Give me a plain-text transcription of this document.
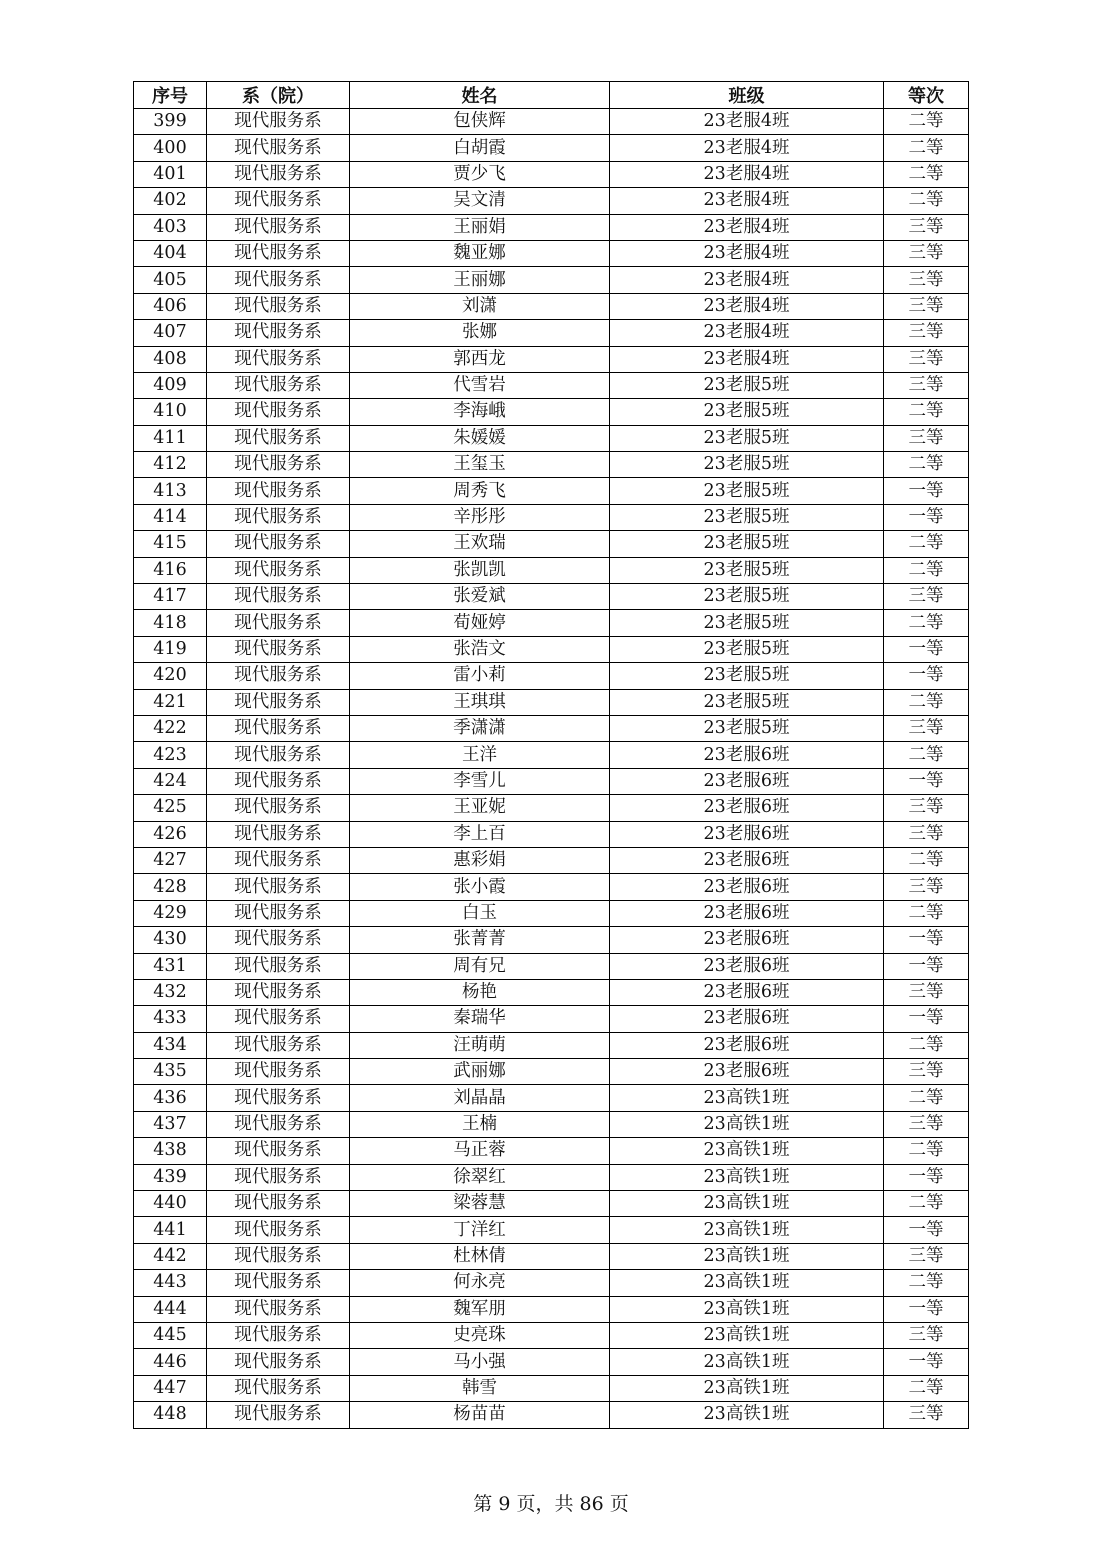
序号	系（院）	姓名	班级	等次
399	现代服务系	包侠辉	23老服4班	二等
400	现代服务系	白胡霞	23老服4班	二等
401	现代服务系	贾少飞	23老服4班	二等
402	现代服务系	吴文清	23老服4班	二等
403	现代服务系	王丽娟	23老服4班	三等
404	现代服务系	魏亚娜	23老服4班	三等
405	现代服务系	王丽娜	23老服4班	三等
406	现代服务系	刘潇	23老服4班	三等
407	现代服务系	张娜	23老服4班	三等
408	现代服务系	郭西龙	23老服4班	三等
409	现代服务系	代雪岩	23老服5班	三等
410	现代服务系	李海峨	23老服5班	二等
411	现代服务系	朱媛媛	23老服5班	三等
412	现代服务系	王玺玉	23老服5班	二等
413	现代服务系	周秀飞	23老服5班	一等
414	现代服务系	辛彤彤	23老服5班	一等
415	现代服务系	王欢瑞	23老服5班	二等
416	现代服务系	张凯凯	23老服5班	二等
417	现代服务系	张爱斌	23老服5班	三等
418	现代服务系	荀娅婷	23老服5班	二等
419	现代服务系	张浩文	23老服5班	一等
420	现代服务系	雷小莉	23老服5班	一等
421	现代服务系	王琪琪	23老服5班	二等
422	现代服务系	季潇潇	23老服5班	三等
423	现代服务系	王洋	23老服6班	二等
424	现代服务系	李雪儿	23老服6班	一等
425	现代服务系	王亚妮	23老服6班	三等
426	现代服务系	李上百	23老服6班	三等
427	现代服务系	惠彩娟	23老服6班	二等
428	现代服务系	张小霞	23老服6班	三等
429	现代服务系	白玉	23老服6班	二等
430	现代服务系	张菁菁	23老服6班	一等
431	现代服务系	周有兄	23老服6班	一等
432	现代服务系	杨艳	23老服6班	三等
433	现代服务系	秦瑞华	23老服6班	一等
434	现代服务系	汪萌萌	23老服6班	二等
435	现代服务系	武丽娜	23老服6班	三等
436	现代服务系	刘晶晶	23高铁1班	二等
437	现代服务系	王楠	23高铁1班	三等
438	现代服务系	马正蓉	23高铁1班	二等
439	现代服务系	徐翠红	23高铁1班	一等
440	现代服务系	梁蓉慧	23高铁1班	二等
441	现代服务系	丁洋红	23高铁1班	一等
442	现代服务系	杜林倩	23高铁1班	三等
443	现代服务系	何永亮	23高铁1班	二等
444	现代服务系	魏军朋	23高铁1班	一等
445	现代服务系	史亮珠	23高铁1班	三等
446	现代服务系	马小强	23高铁1班	一等
447	现代服务系	韩雪	23高铁1班	二等
448	现代服务系	杨苗苗	23高铁1班	三等
第 9 页，共 86 页
